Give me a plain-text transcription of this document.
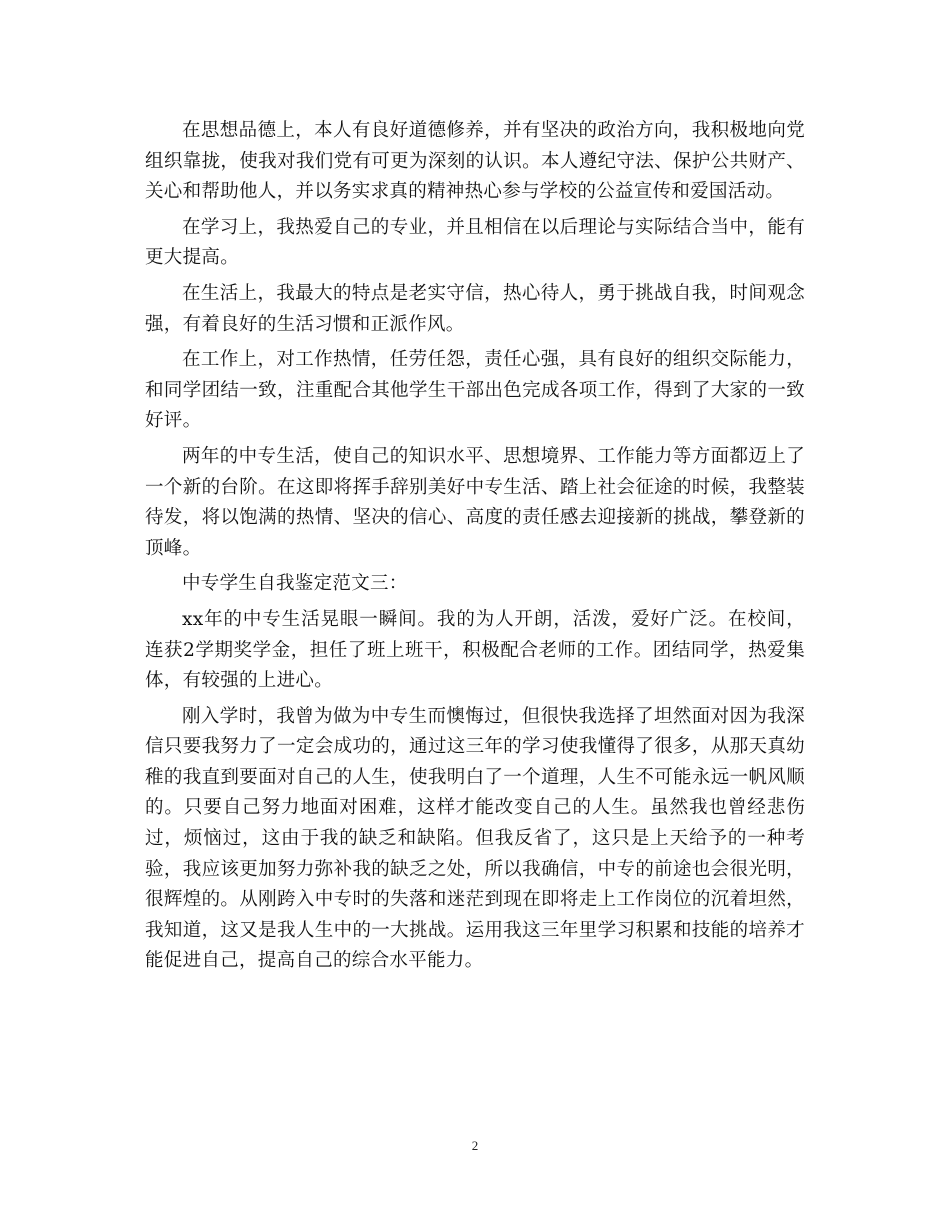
在思想品德上，本人有良好道德修养，并有坚决的政治方向，我积极地向党组织靠拢，使我对我们党有可更为深刻的认识。本人遵纪守法、保护公共财产、关心和帮助他人，并以务实求真的精神热心参与学校的公益宣传和爱国活动。

在学习上，我热爱自己的专业，并且相信在以后理论与实际结合当中，能有更大提高。

在生活上，我最大的特点是老实守信，热心待人，勇于挑战自我，时间观念强，有着良好的生活习惯和正派作风。

在工作上，对工作热情，任劳任怨，责任心强，具有良好的组织交际能力，和同学团结一致，注重配合其他学生干部出色完成各项工作，得到了大家的一致好评。

两年的中专生活，使自己的知识水平、思想境界、工作能力等方面都迈上了一个新的台阶。在这即将挥手辞别美好中专生活、踏上社会征途的时候，我整装待发，将以饱满的热情、坚决的信心、高度的责任感去迎接新的挑战，攀登新的顶峰。

中专学生自我鉴定范文三：

xx年的中专生活晃眼一瞬间。我的为人开朗，活泼，爱好广泛。在校间，连获2学期奖学金，担任了班上班干，积极配合老师的工作。团结同学，热爱集体，有较强的上进心。

刚入学时，我曾为做为中专生而懊悔过，但很快我选择了坦然面对因为我深信只要我努力了一定会成功的，通过这三年的学习使我懂得了很多，从那天真幼稚的我直到要面对自己的人生，使我明白了一个道理，人生不可能永远一帆风顺的。只要自己努力地面对困难，这样才能改变自己的人生。虽然我也曾经悲伤过，烦恼过，这由于我的缺乏和缺陷。但我反省了，这只是上天给予的一种考验，我应该更加努力弥补我的缺乏之处，所以我确信，中专的前途也会很光明，很辉煌的。从刚跨入中专时的失落和迷茫到现在即将走上工作岗位的沉着坦然，我知道，这又是我人生中的一大挑战。运用我这三年里学习积累和技能的培养才能促进自己，提高自己的综合水平能力。

2
